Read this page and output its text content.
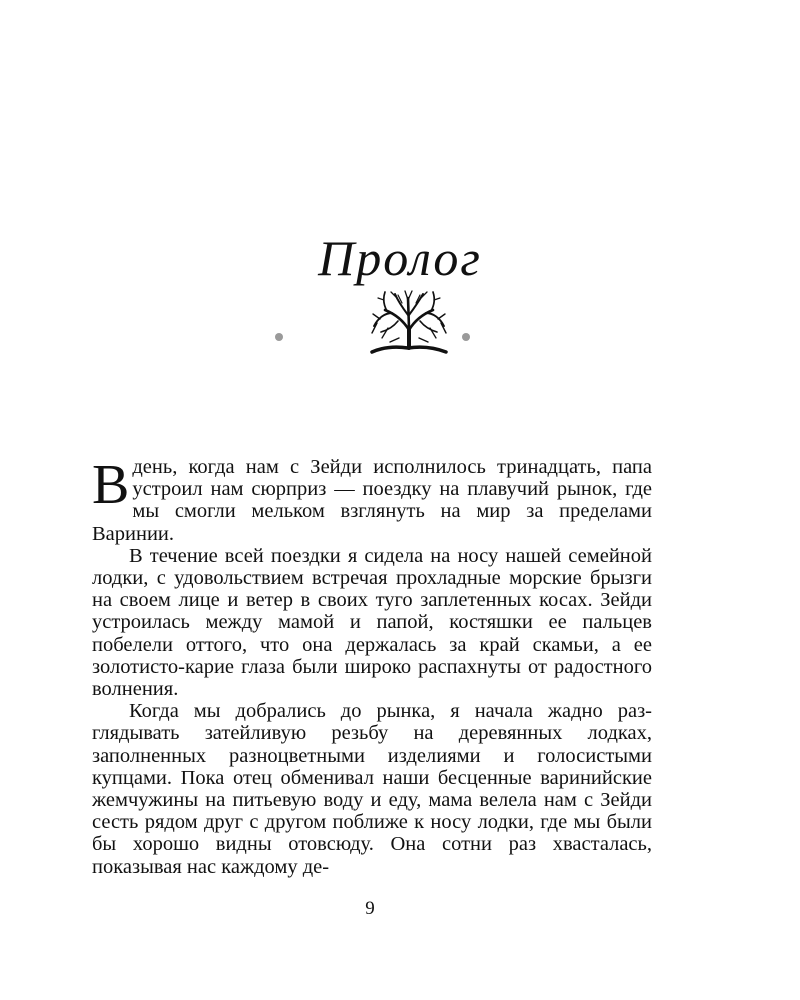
Пролог

В день, когда нам с Зейди исполнилось тринадцать, папа устроил нам сюрприз — поездку на плавучий рынок, где мы смогли мельком взглянуть на мир за пределами Варинии.

В течение всей поездки я сидела на носу нашей семейной лодки, с удовольствием встречая прохладные морские брызги на своем лице и ветер в своих туго заплетенных косах. Зейди устроилась между мамой и папой, костяшки ее пальцев побелели оттого, что она держалась за край скамьи, а ее золотисто-карие глаза были широко распахнуты от радостного волнения.

Когда мы добрались до рынка, я начала жадно разглядывать затейливую резьбу на деревянных лодках, заполненных разноцветными изделиями и голосистыми купцами. Пока отец обменивал наши бесценные варинийские жемчужины на питьевую воду и еду, мама велела нам с Зейди сесть рядом друг с другом поближе к носу лодки, где мы были бы хорошо видны отовсюду. Она сотни раз хвасталась, показывая нас каждому де-

9
